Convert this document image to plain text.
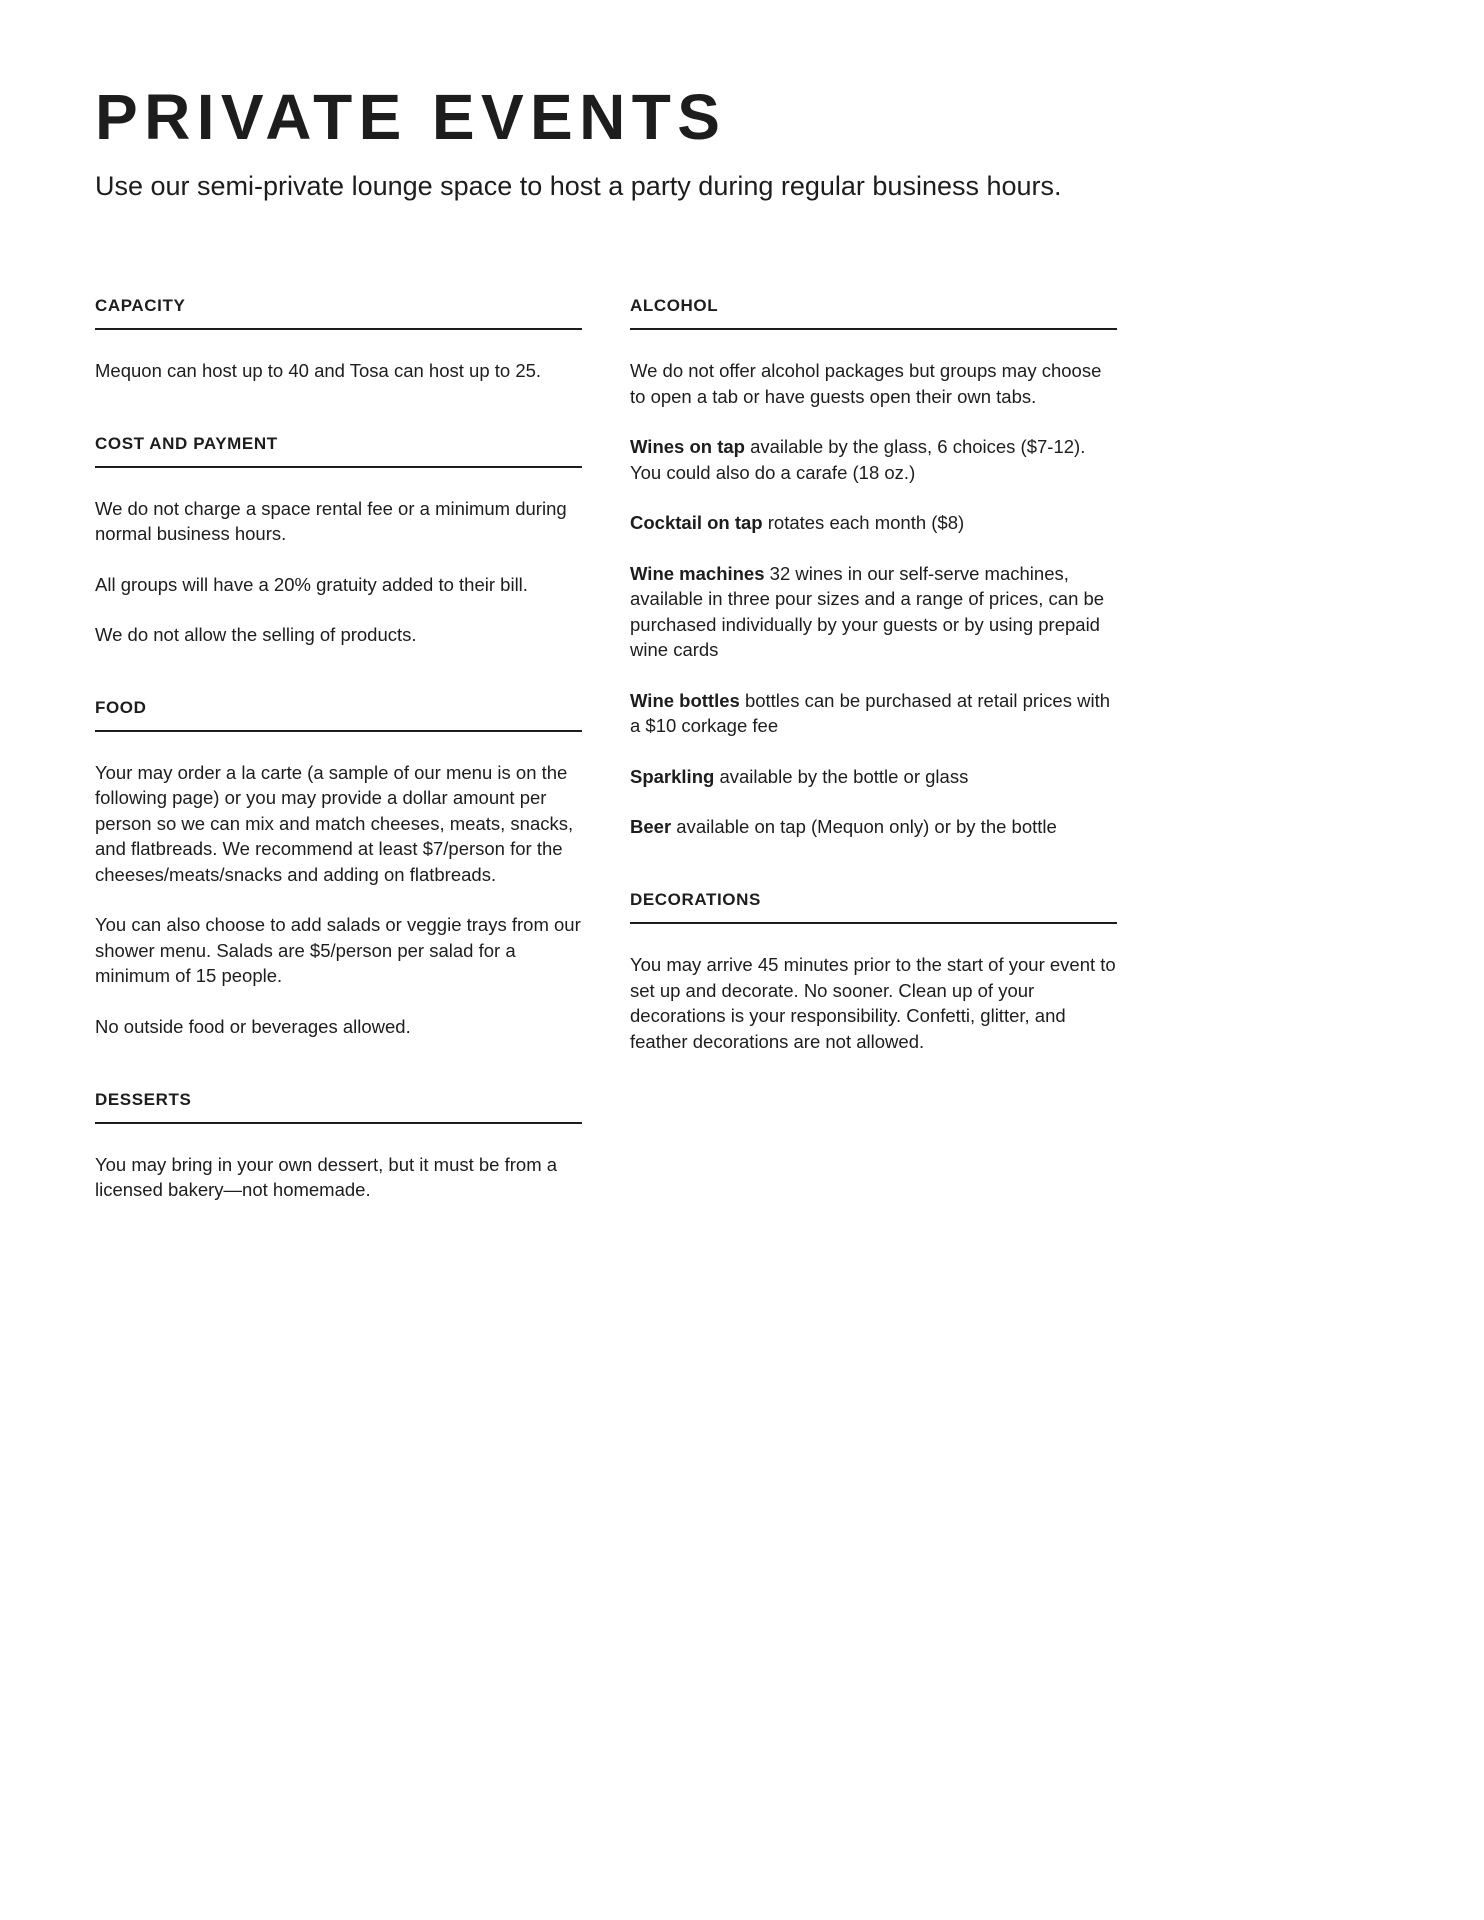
PRIVATE EVENTS

Use our semi-private lounge space to host a party during regular business hours.

CAPACITY

Mequon can host up to 40 and Tosa can host up to 25.

COST AND PAYMENT

We do not charge a space rental fee or a minimum during normal business hours.

All groups will have a 20% gratuity added to their bill.

We do not allow the selling of products.

FOOD

Your may order a la carte (a sample of our menu is on the following page) or you may provide a dollar amount per person so we can mix and match cheeses, meats, snacks, and flatbreads. We recommend at least $7/person for the cheeses/meats/snacks and adding on flatbreads.

You can also choose to add salads or veggie trays from our shower menu. Salads are $5/person per salad for a minimum of 15 people.

No outside food or beverages allowed.

DESSERTS

You may bring in your own dessert, but it must be from a licensed bakery—not homemade.

ALCOHOL

We do not offer alcohol packages but groups may choose to open a tab or have guests open their own tabs.

Wines on tap available by the glass, 6 choices ($7-12). You could also do a carafe (18 oz.)

Cocktail on tap rotates each month ($8)

Wine machines 32 wines in our self-serve machines, available in three pour sizes and a range of prices, can be purchased individually by your guests or by using prepaid wine cards

Wine bottles bottles can be purchased at retail prices with a $10 corkage fee

Sparkling available by the bottle or glass

Beer available on tap (Mequon only) or by the bottle

DECORATIONS

You may arrive 45 minutes prior to the start of your event to set up and decorate. No sooner. Clean up of your decorations is your responsibility. Confetti, glitter, and feather decorations are not allowed.
